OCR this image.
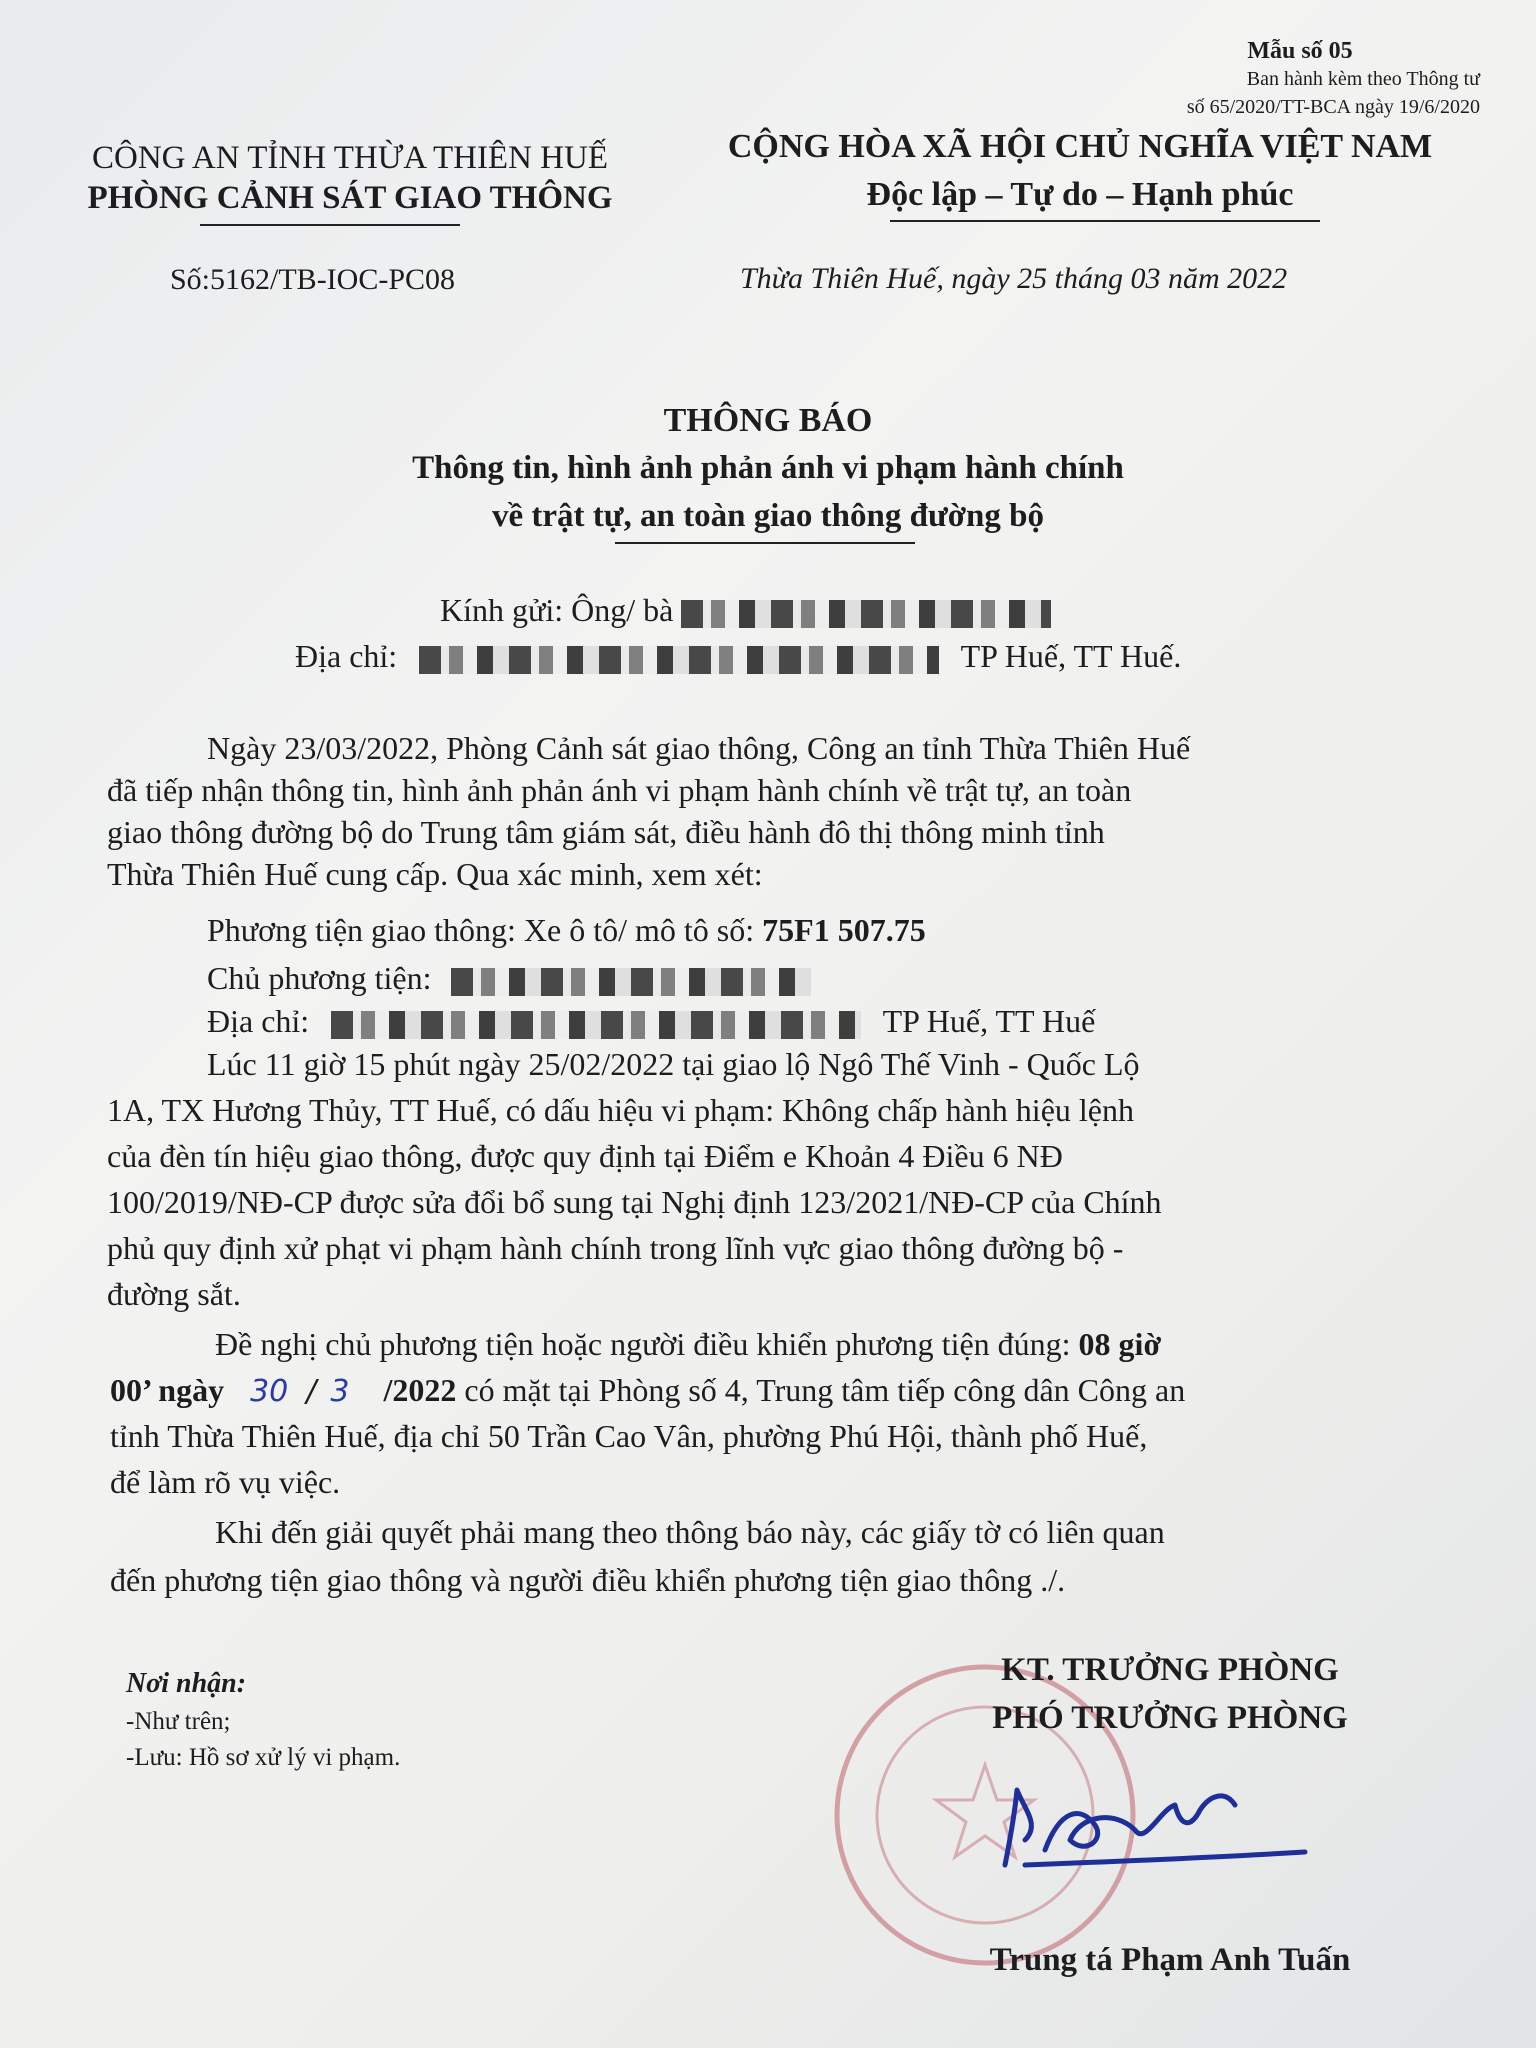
Mẫu số 05
Ban hành kèm theo Thông tư
số 65/2020/TT-BCA ngày 19/6/2020
CÔNG AN TỈNH THỪA THIÊN HUẾ
PHÒNG CẢNH SÁT GIAO THÔNG
CỘNG HÒA XÃ HỘI CHỦ NGHĨA VIỆT NAM
Độc lập – Tự do – Hạnh phúc
Số:5162/TB-IOC-PC08	Thừa Thiên Huế, ngày 25 tháng 03 năm 2022
THÔNG BÁO
Thông tin, hình ảnh phản ánh vi phạm hành chính
về trật tự, an toàn giao thông đường bộ
Kính gửi: Ông/ bà
Địa chỉ:	TP Huế, TT Huế.
Ngày 23/03/2022, Phòng Cảnh sát giao thông, Công an tỉnh Thừa Thiên Huế
đã tiếp nhận thông tin, hình ảnh phản ánh vi phạm hành chính về trật tự, an toàn
giao thông đường bộ do Trung tâm giám sát, điều hành đô thị thông minh tỉnh
Thừa Thiên Huế cung cấp. Qua xác minh, xem xét:
Phương tiện giao thông: Xe ô tô/ mô tô số: 75F1 507.75
Chủ phương tiện:
Địa chỉ:	TP Huế, TT Huế
Lúc 11 giờ 15 phút ngày 25/02/2022 tại giao lộ Ngô Thế Vinh - Quốc Lộ
1A, TX Hương Thủy, TT Huế, có dấu hiệu vi phạm: Không chấp hành hiệu lệnh
của đèn tín hiệu giao thông, được quy định tại Điểm e Khoản 4 Điều 6 NĐ
100/2019/NĐ-CP được sửa đổi bổ sung tại Nghị định 123/2021/NĐ-CP của Chính
phủ quy định xử phạt vi phạm hành chính trong lĩnh vực giao thông đường bộ -
đường sắt.
Đề nghị chủ phương tiện hoặc người điều khiển phương tiện đúng: 08 giờ
00’ ngày 30 / 3 /2022 có mặt tại Phòng số 4, Trung tâm tiếp công dân Công an
tỉnh Thừa Thiên Huế, địa chỉ 50 Trần Cao Vân, phường Phú Hội, thành phố Huế,
để làm rõ vụ việc.
Khi đến giải quyết phải mang theo thông báo này, các giấy tờ có liên quan
đến phương tiện giao thông và người điều khiển phương tiện giao thông ./.
Nơi nhận:
-Như trên;
-Lưu: Hồ sơ xử lý vi phạm.
KT. TRƯỞNG PHÒNG
PHÓ TRƯỞNG PHÒNG
Trung tá Phạm Anh Tuấn
